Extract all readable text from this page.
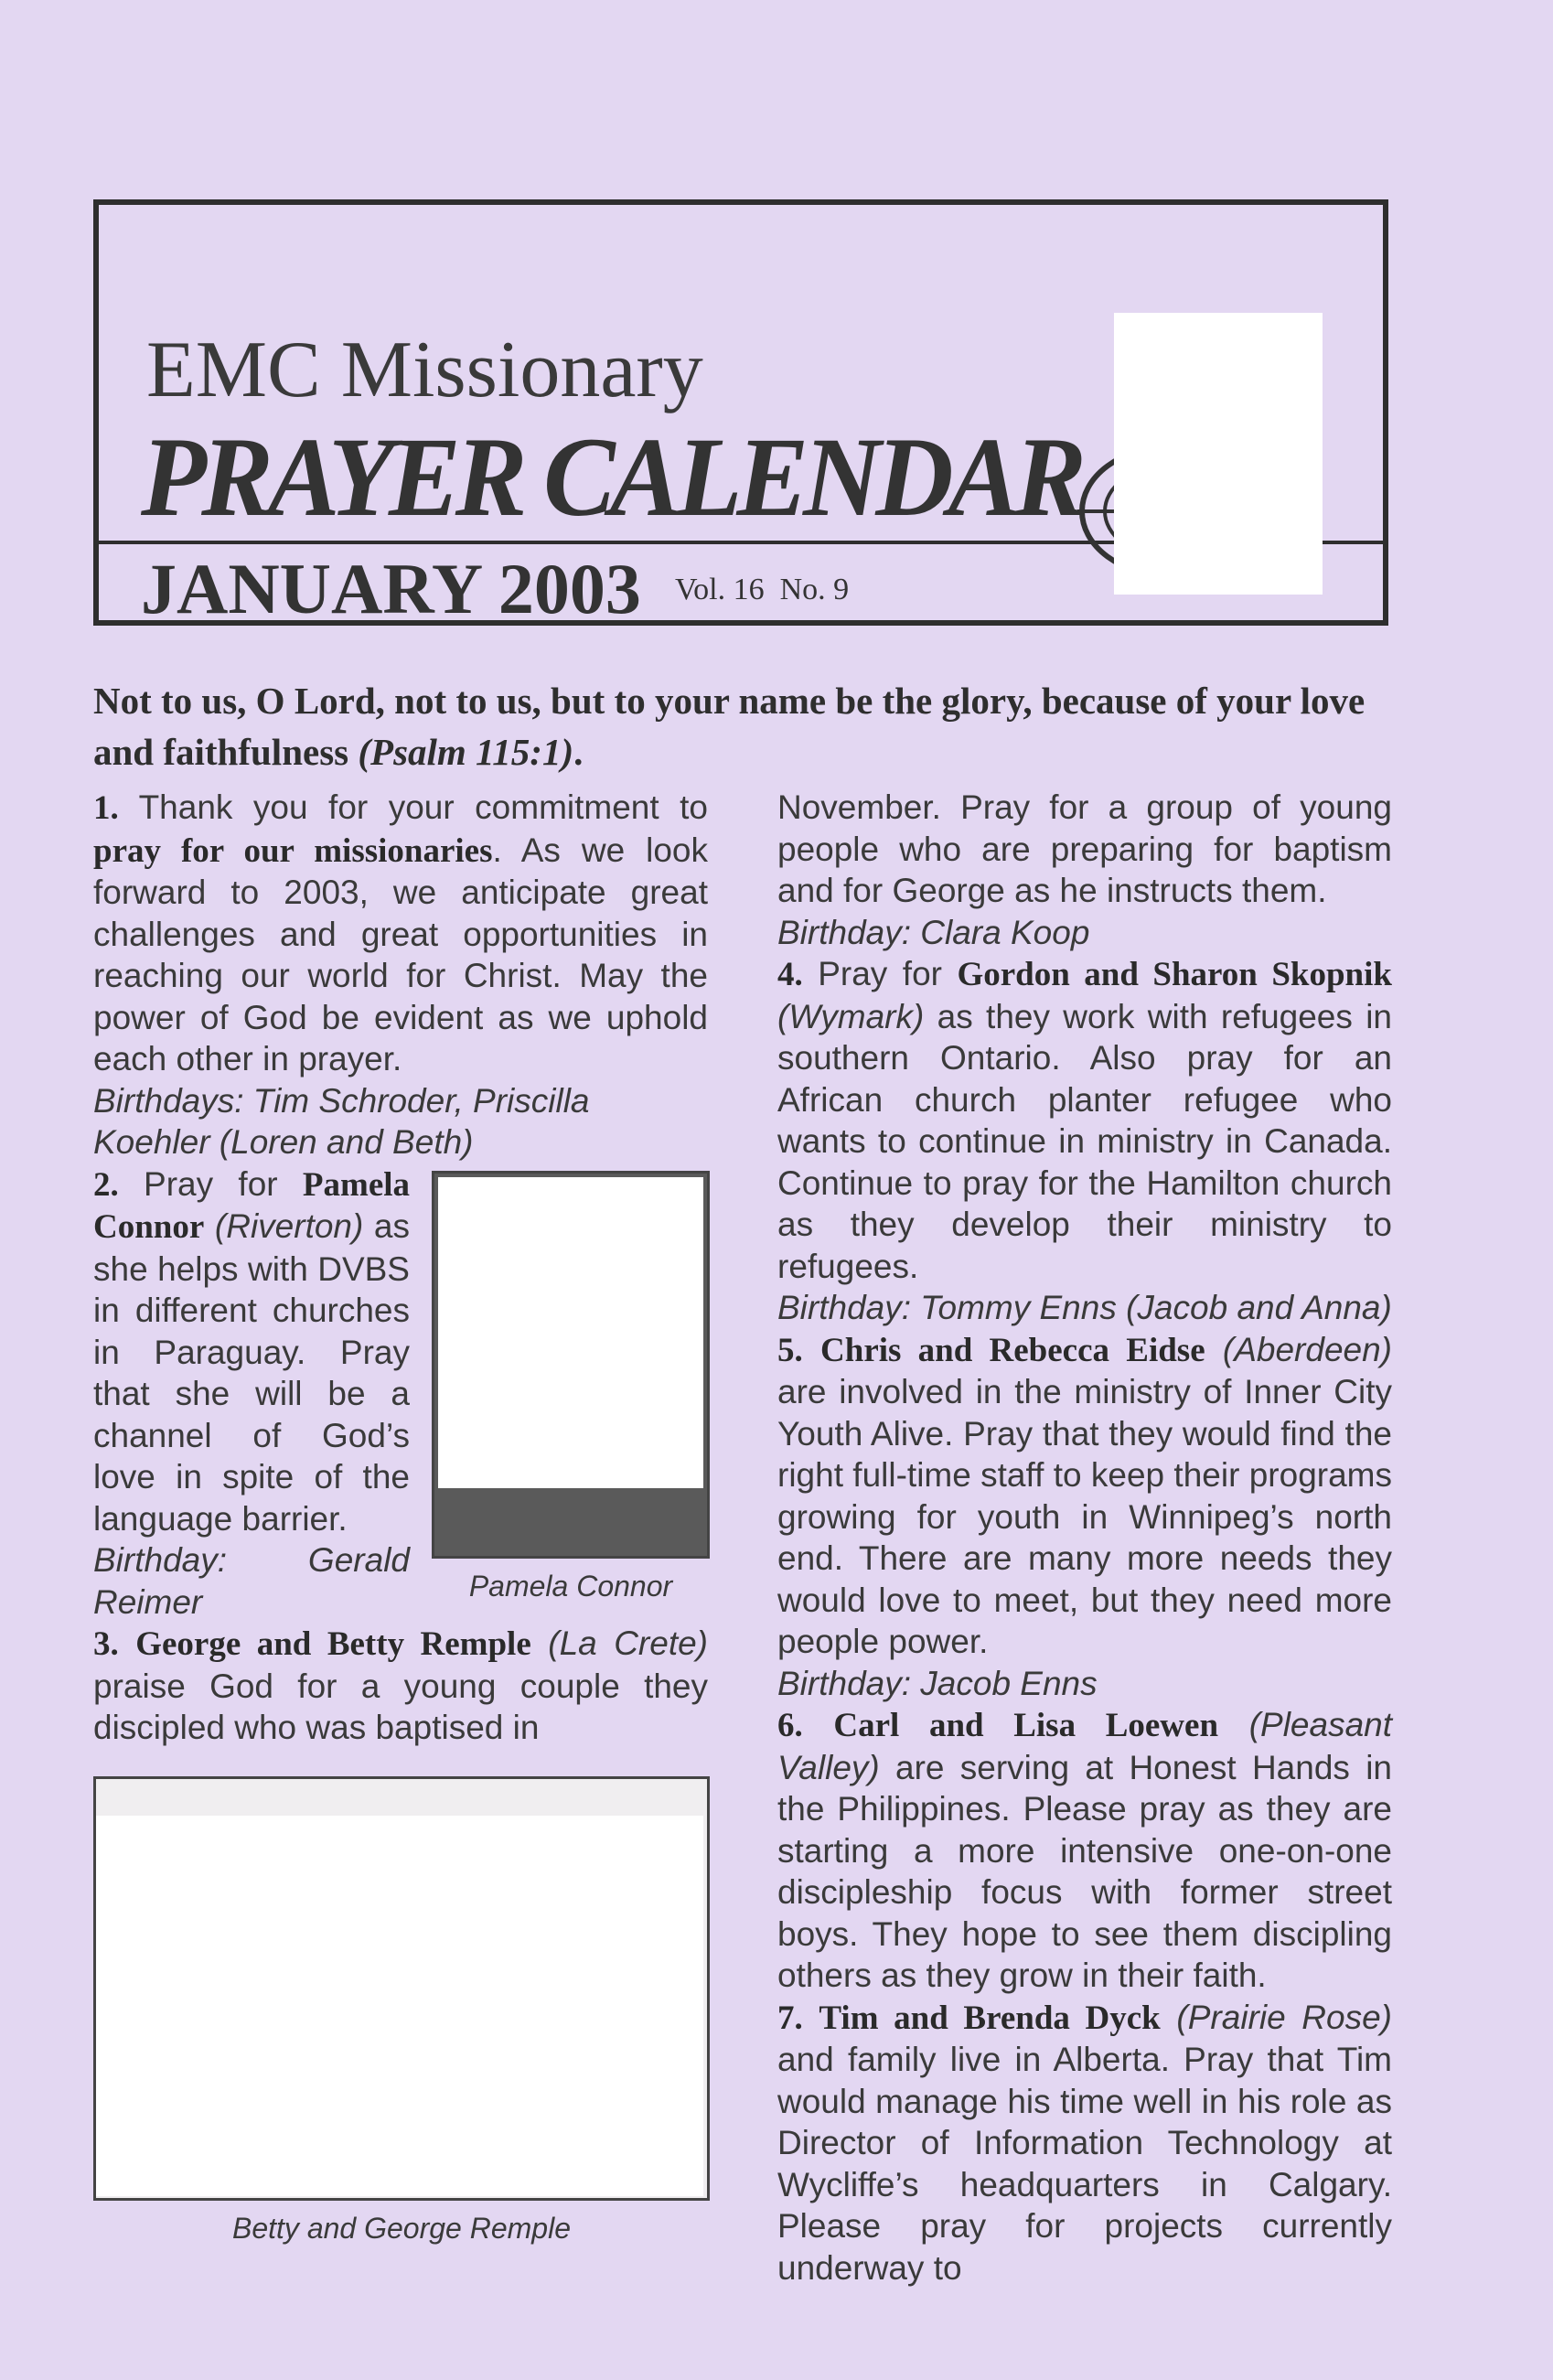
EMC Missionary
PRAYER CALENDAR
JANUARY 2003 Vol. 16 No. 9
Not to us, O Lord, not to us, but to your name be the glory, because of your love and faithfulness (Psalm 115:1).

1. Thank you for your commitment to pray for our missionaries. As we look forward to 2003, we anticipate great challenges and great opportunities in reaching our world for Christ. May the power of God be evident as we uphold each other in prayer.

Birthdays: Tim Schroder, Priscilla Koehler (Loren and Beth)

2. Pray for Pamela Connor (Riverton) as she helps with DVBS in different churches in Paraguay. Pray that she will be a channel of God’s love in spite of the language barrier.

Birthday: Gerald Reimer

3. George and Betty Remple (La Crete) praise God for a young couple they discipled who was baptised in

Pamela Connor
Betty and George Remple

November. Pray for a group of young people who are preparing for baptism and for George as he instructs them.

Birthday: Clara Koop

4. Pray for Gordon and Sharon Skopnik (Wymark) as they work with refugees in southern Ontario. Also pray for an African church planter refugee who wants to continue in ministry in Canada. Continue to pray for the Hamilton church as they develop their ministry to refugees.

Birthday: Tommy Enns (Jacob and Anna)

5. Chris and Rebecca Eidse (Aberdeen) are involved in the ministry of Inner City Youth Alive. Pray that they would find the right full-time staff to keep their programs growing for youth in Winnipeg’s north end. There are many more needs they would love to meet, but they need more people power.

Birthday: Jacob Enns

6. Carl and Lisa Loewen (Pleasant Valley) are serving at Honest Hands in the Philippines. Please pray as they are starting a more intensive one-on-one discipleship focus with former street boys. They hope to see them discipling others as they grow in their faith.

7. Tim and Brenda Dyck (Prairie Rose) and family live in Alberta. Pray that Tim would manage his time well in his role as Director of Information Technology at Wycliffe’s headquarters in Calgary. Please pray for projects currently underway to
